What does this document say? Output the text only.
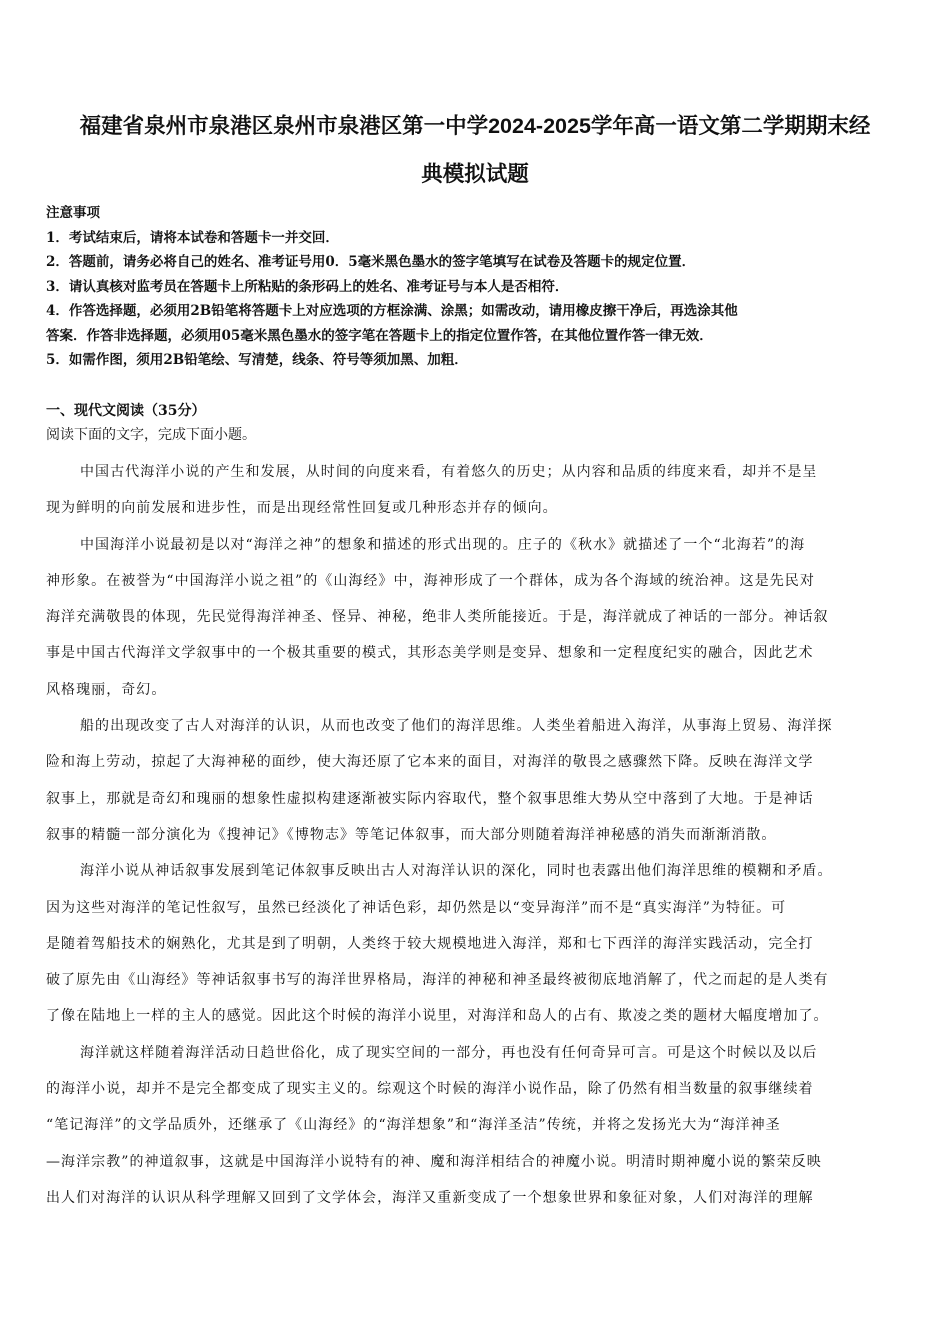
福建省泉州市泉港区泉州市泉港区第一中学2024-2025学年高一语文第二学期期末经
典模拟试题
注意事项
1．考试结束后，请将本试卷和答题卡一并交回．
2．答题前，请务必将自己的姓名、准考证号用0．5毫米黑色墨水的签字笔填写在试卷及答题卡的规定位置．
3．请认真核对监考员在答题卡上所粘贴的条形码上的姓名、准考证号与本人是否相符．
4．作答选择题，必须用2B铅笔将答题卡上对应选项的方框涂满、涂黑；如需改动，请用橡皮擦干净后，再选涂其他
答案．作答非选择题，必须用05毫米黑色墨水的签字笔在答题卡上的指定位置作答，在其他位置作答一律无效．
5．如需作图，须用2B铅笔绘、写清楚，线条、符号等须加黑、加粗．
一、现代文阅读（35分）
阅读下面的文字，完成下面小题。
中国古代海洋小说的产生和发展，从时间的向度来看，有着悠久的历史；从内容和品质的纬度来看，却并不是呈
现为鲜明的向前发展和进步性，而是出现经常性回复或几种形态并存的倾向。
中国海洋小说最初是以对“海洋之神”的想象和描述的形式出现的。庄子的《秋水》就描述了一个“北海若”的海
神形象。在被誉为“中国海洋小说之祖”的《山海经》中，海神形成了一个群体，成为各个海域的统治神。这是先民对
海洋充满敬畏的体现，先民觉得海洋神圣、怪异、神秘，绝非人类所能接近。于是，海洋就成了神话的一部分。神话叙
事是中国古代海洋文学叙事中的一个极其重要的模式，其形态美学则是变异、想象和一定程度纪实的融合，因此艺术
风格瑰丽，奇幻。
船的出现改变了古人对海洋的认识，从而也改变了他们的海洋思维。人类坐着船进入海洋，从事海上贸易、海洋探
险和海上劳动，掠起了大海神秘的面纱，使大海还原了它本来的面目，对海洋的敬畏之感骤然下降。反映在海洋文学
叙事上，那就是奇幻和瑰丽的想象性虚拟构建逐渐被实际内容取代，整个叙事思维大势从空中落到了大地。于是神话
叙事的精髓一部分演化为《搜神记》《博物志》等笔记体叙事，而大部分则随着海洋神秘感的消失而渐渐消散。
海洋小说从神话叙事发展到笔记体叙事反映出古人对海洋认识的深化，同时也表露出他们海洋思维的模糊和矛盾。
因为这些对海洋的笔记性叙写，虽然已经淡化了神话色彩，却仍然是以“变异海洋”而不是“真实海洋”为特征。可
是随着驾船技术的娴熟化，尤其是到了明朝，人类终于较大规模地进入海洋，郑和七下西洋的海洋实践活动，完全打
破了原先由《山海经》等神话叙事书写的海洋世界格局，海洋的神秘和神圣最终被彻底地消解了，代之而起的是人类有
了像在陆地上一样的主人的感觉。因此这个时候的海洋小说里，对海洋和岛人的占有、欺凌之类的题材大幅度增加了。
海洋就这样随着海洋活动日趋世俗化，成了现实空间的一部分，再也没有任何奇异可言。可是这个时候以及以后
的海洋小说，却并不是完全都变成了现实主义的。综观这个时候的海洋小说作品，除了仍然有相当数量的叙事继续着
“笔记海洋”的文学品质外，还继承了《山海经》的“海洋想象”和“海洋圣洁”传统，并将之发扬光大为“海洋神圣
—海洋宗教”的神道叙事，这就是中国海洋小说特有的神、魔和海洋相结合的神魔小说。明清时期神魔小说的繁荣反映
出人们对海洋的认识从科学理解又回到了文学体会，海洋又重新变成了一个想象世界和象征对象，人们对海洋的理解
